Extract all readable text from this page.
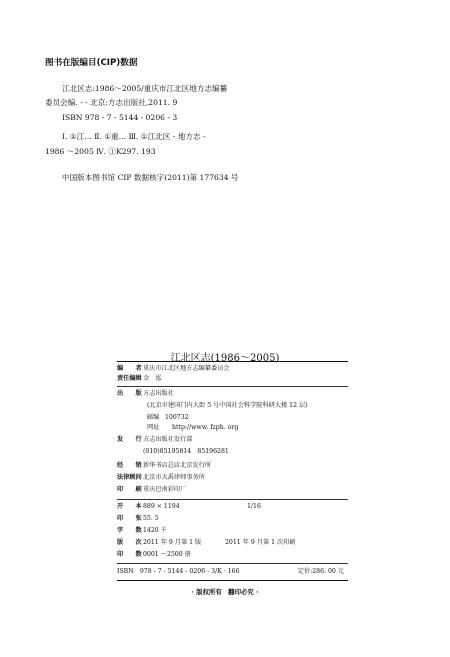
图书在版编目(CIP)数据
江北区志:1986～2005/重庆市江北区地方志编纂
委员会编. - - 北京:方志出版社,2011. 9
ISBN 978 - 7 - 5144 - 0206 - 3
Ⅰ. ①江… Ⅱ. ①重… Ⅲ. ①江北区 - 地方志 -
1986 ～2005 Ⅳ. ①K297. 193
中国版本图书馆 CIP 数据核字(2011)第 177634 号
江北区志(1986～2005)
编　　者 重庆市江北区地方志编纂委员会
责任编辑 金　泓
出　　版 方志出版社
(北京市建国门内大街 5 号中国社会科学院科研大楼 12 层)
邮编 100732
网址 http://www. fzph. org
发　　行 方志出版社发行部
(010)85195814　85196281
经　　销 新华书店总店北京发行所
法律顾问 北京市大禹律师事务所
印　　刷 重庆巴南彩印厂
开　　本 889 × 1194	1/16
印　　张 55. 5
字　　数 1420 千
版　　次 2011 年 9 月第 1 版	2011 年 9 月第 1 次印刷
印　　数 0001 ～2500 册
ISBN　978 - 7 - 5144 - 0206 - 3/K · 166	定价:286. 00 元
· 版权所有　翻印必究 ·
